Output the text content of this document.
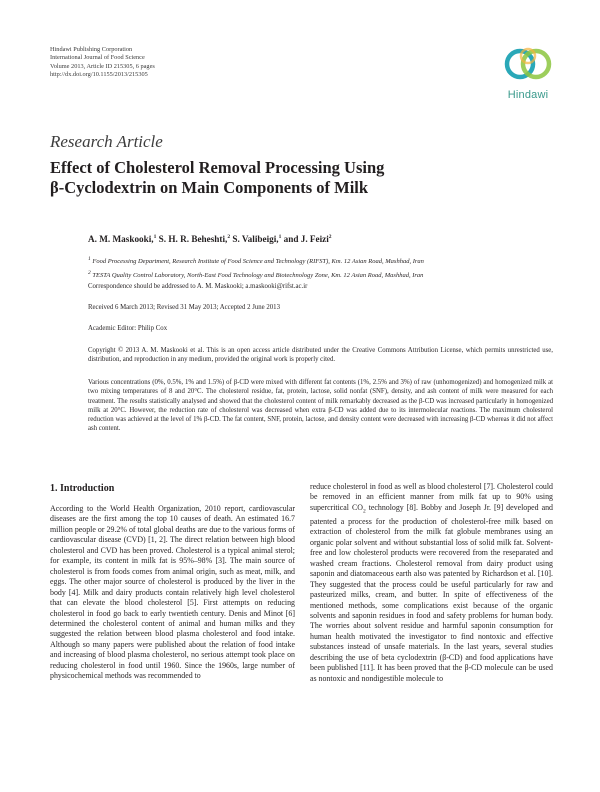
Hindawi Publishing Corporation
International Journal of Food Science
Volume 2013, Article ID 215305, 6 pages
http://dx.doi.org/10.1155/2013/215305
Hindawi
Research Article
Effect of Cholesterol Removal Processing Using
β-Cyclodextrin on Main Components of Milk
A. M. Maskooki,$^1$ S. H. R. Beheshti,$^2$ S. Valibeigi,$^1$ and J. Feizi$^2$
$^1$ Food Processing Department, Research Institute of Food Science and Technology (RIFST), Km. 12 Asian Road, Mashhad, Iran
$^2$ TESTA Quality Control Laboratory, North-East Food Technology and Biotechnology Zone, Km. 12 Asian Road, Mashhad, Iran
Correspondence should be addressed to A. M. Maskooki; a.maskooki@rifst.ac.ir
Received 6 March 2013; Revised 31 May 2013; Accepted 2 June 2013
Academic Editor: Philip Cox
Copyright © 2013 A. M. Maskooki et al. This is an open access article distributed under the Creative Commons Attribution License, which permits unrestricted use, distribution, and reproduction in any medium, provided the original work is properly cited.
Various concentrations (0%, 0.5%, 1% and 1.5%) of β-CD were mixed with different fat contents (1%, 2.5% and 3%) of raw (unhomogenized) and homogenized milk at two mixing temperatures of 8 and 20°C. The cholesterol residue, fat, protein, lactose, solid nonfat (SNF), density, and ash content of milk were measured for each treatment. The results statistically analysed and showed that the cholesterol content of milk remarkably decreased as the β-CD was increased particularly in homogenized milk at 20°C. However, the reduction rate of cholesterol was decreased when extra β-CD was added due to its intermolecular reactions. The maximum cholesterol reduction was achieved at the level of 1% β-CD. The fat content, SNF, protein, lactose, and density content were decreased with increasing β-CD whereas it did not affect ash content.
1. Introduction

According to the World Health Organization, 2010 report, cardiovascular diseases are the first among the top 10 causes of death. An estimated 16.7 million people or 29.2% of total global deaths are due to the various forms of cardiovascular disease (CVD) [1, 2]. The direct relation between high blood cholesterol and CVD has been proved. Cholesterol is a typical animal sterol; for example, its content in milk fat is 95%–98% [3]. The main source of cholesterol is from foods comes from animal origin, such as meat, milk, and eggs. The other major source of cholesterol is produced by the liver in the body [4]. Milk and dairy products contain relatively high level cholesterol that can elevate the blood cholesterol [5]. First attempts on reducing cholesterol in food go back to early twentieth century. Denis and Minot [6] determined the cholesterol content of animal and human milks and they suggested the relation between blood plasma cholesterol and food intake. Although so many papers were published about the relation of food intake and increasing of blood plasma cholesterol, no serious attempt took place on reducing cholesterol in food until 1960. Since the 1960s, large number of physicochemical methods was recommended to

reduce cholesterol in food as well as blood cholesterol [7]. Cholesterol could be removed in an efficient manner from milk fat up to 90% using supercritical $CO_2$ technology [8]. Bobby and Joseph Jr. [9] developed and patented a process for the production of cholesterol-free milk based on extraction of cholesterol from the milk fat globule membranes using an organic polar solvent and without substantial loss of solid milk fat. Solvent-free and low cholesterol products were recovered from the reseparated and washed cream fractions. Cholesterol removal from dairy product using saponin and diatomaceous earth also was patented by Richardson et al. [10]. They suggested that the process could be useful particularly for raw and pasteurized milks, cream, and butter. In spite of effectiveness of the mentioned methods, some complications exist because of the organic solvents and saponin residues in food and safety problems for human body. The worries about solvent residue and harmful saponin consumption for human health motivated the investigator to find nontoxic and effective substances instead of unsafe materials. In the last years, several studies describing the use of beta cyclodextrin (β-CD) and food applications have been published [11]. It has been proved that the β-CD molecule can be used as nontoxic and nondigestible molecule to
